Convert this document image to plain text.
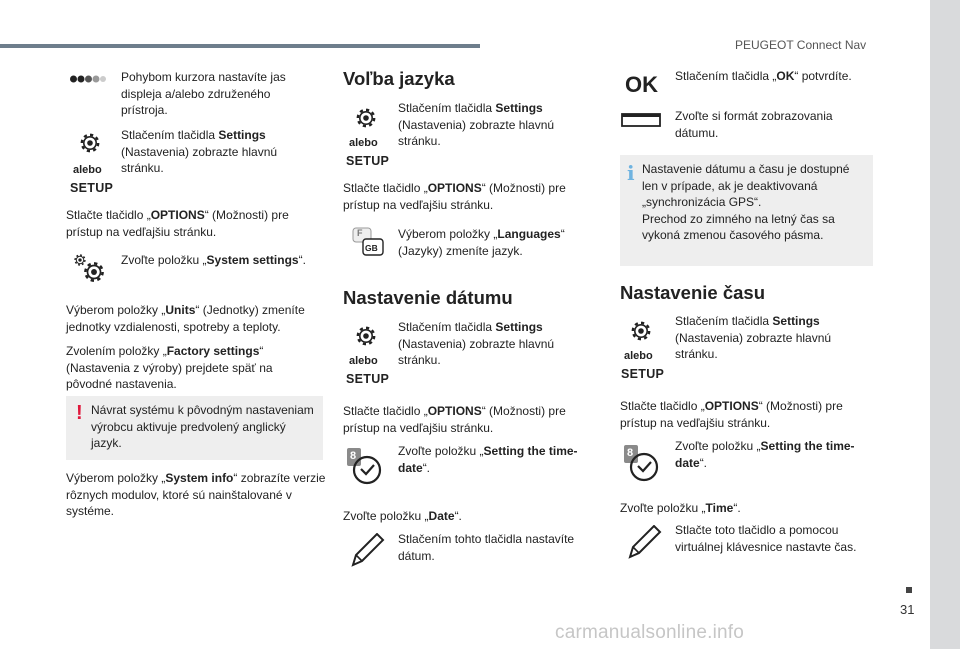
PEUGEOT Connect Nav
Pohybom kurzora nastavíte jas displeja a/alebo združeného prístroja.
alebo
SETUP
Stlačením tlačidla Settings (Nastavenia) zobrazte hlavnú stránku.
Stlačte tlačidlo „OPTIONS“ (Možnosti) pre prístup na vedľajšiu stránku.
Zvoľte položku „System settings“.
Výberom položky „Units“ (Jednotky) zmeníte jednotky vzdialenosti, spotreby a teploty.
Zvolením položky „Factory settings“ (Nastavenia z výroby) prejdete späť na pôvodné nastavenia.
! Návrat systému k pôvodným nastaveniam výrobcu aktivuje predvolený anglický jazyk.
Výberom položky „System info“ zobrazíte verzie rôznych modulov, ktoré sú nainštalované v systéme.
Voľba jazyka
alebo
SETUP
Stlačením tlačidla Settings (Nastavenia) zobrazte hlavnú stránku.
Stlačte tlačidlo „OPTIONS“ (Možnosti) pre prístup na vedľajšiu stránku.
F
GB
Výberom položky „Languages“ (Jazyky) zmeníte jazyk.
Nastavenie dátumu
alebo
SETUP
Stlačením tlačidla Settings (Nastavenia) zobrazte hlavnú stránku.
Stlačte tlačidlo „OPTIONS“ (Možnosti) pre prístup na vedľajšiu stránku.
8	Zvoľte položku „Setting the time-date“.
Zvoľte položku „Date“.
Stlačením tohto tlačidla nastavíte dátum.
OK Stlačením tlačidla „OK“ potvrdíte.
Zvoľte si formát zobrazovania dátumu.
i Nastavenie dátumu a času je dostupné len v prípade, ak je deaktivovaná „synchronizácia GPS“.
Prechod zo zimného na letný čas sa vykoná zmenou časového pásma.
Nastavenie času
alebo
SETUP
Stlačením tlačidla Settings (Nastavenia) zobrazte hlavnú stránku.
Stlačte tlačidlo „OPTIONS“ (Možnosti) pre prístup na vedľajšiu stránku.
8	Zvoľte položku „Setting the time-date“.
Zvoľte položku „Time“.
Stlačte toto tlačidlo a pomocou virtuálnej klávesnice nastavte čas.
31
carmanualsonline.info
